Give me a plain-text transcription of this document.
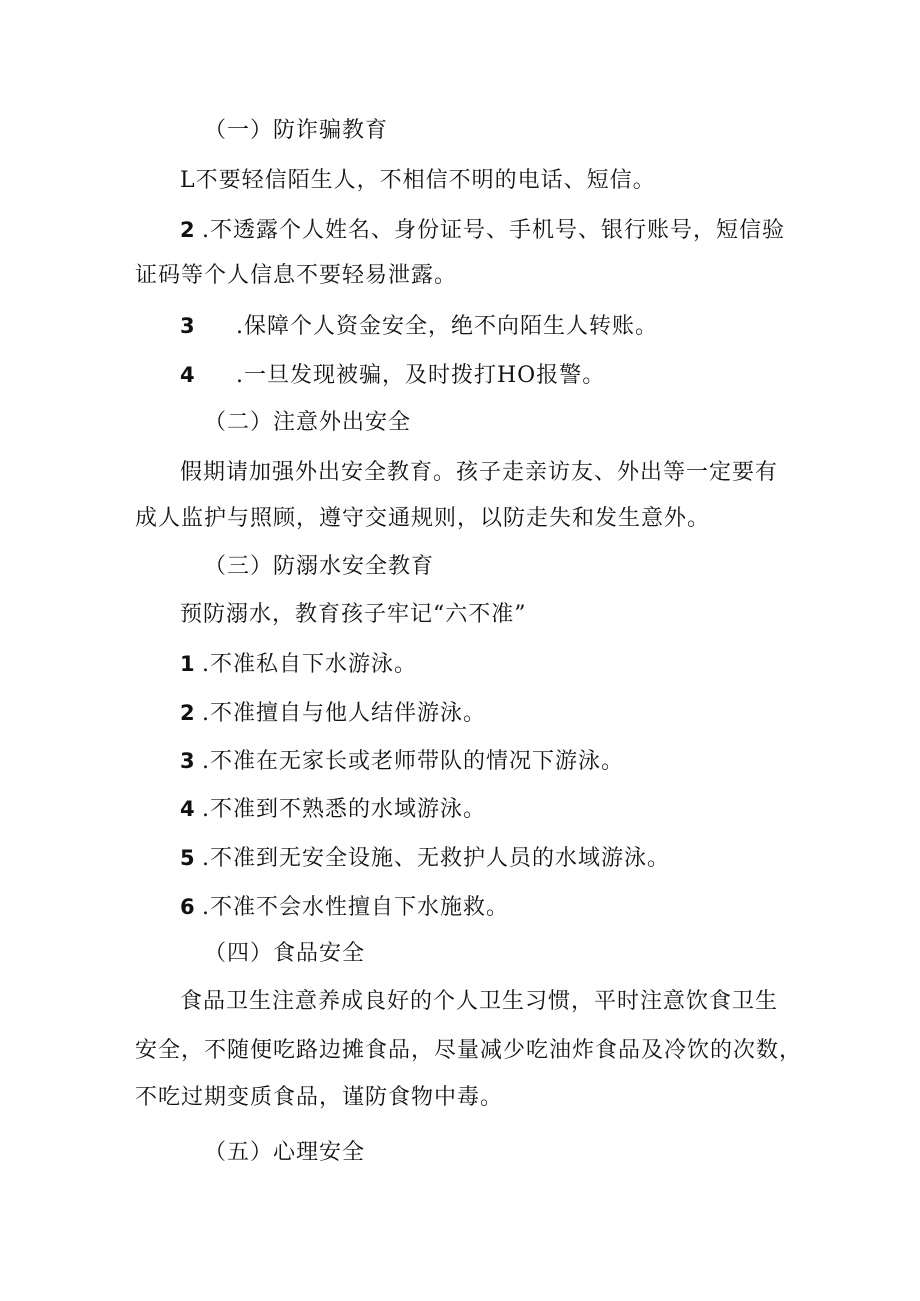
（一）防诈骗教育
L不要轻信陌生人，不相信不明的电话、短信。
2 .不透露个人姓名、身份证号、手机号、银行账号，短信验
证码等个人信息不要轻易泄露。
3 .保障个人资金安全，绝不向陌生人转账。
4 .一旦发现被骗，及时拨打HO报警。
（二）注意外出安全
假期请加强外出安全教育。孩子走亲访友、外出等一定要有
成人监护与照顾，遵守交通规则，以防走失和发生意外。
（三）防溺水安全教育
预防溺水，教育孩子牢记“六不准”
1 .不准私自下水游泳。
2 .不准擅自与他人结伴游泳。
3 .不准在无家长或老师带队的情况下游泳。
4 .不准到不熟悉的水域游泳。
5 .不准到无安全设施、无救护人员的水域游泳。
6 .不准不会水性擅自下水施救。
（四）食品安全
食品卫生注意养成良好的个人卫生习惯，平时注意饮食卫生
安全，不随便吃路边摊食品，尽量减少吃油炸食品及冷饮的次数，
不吃过期变质食品，谨防食物中毒。
（五）心理安全
